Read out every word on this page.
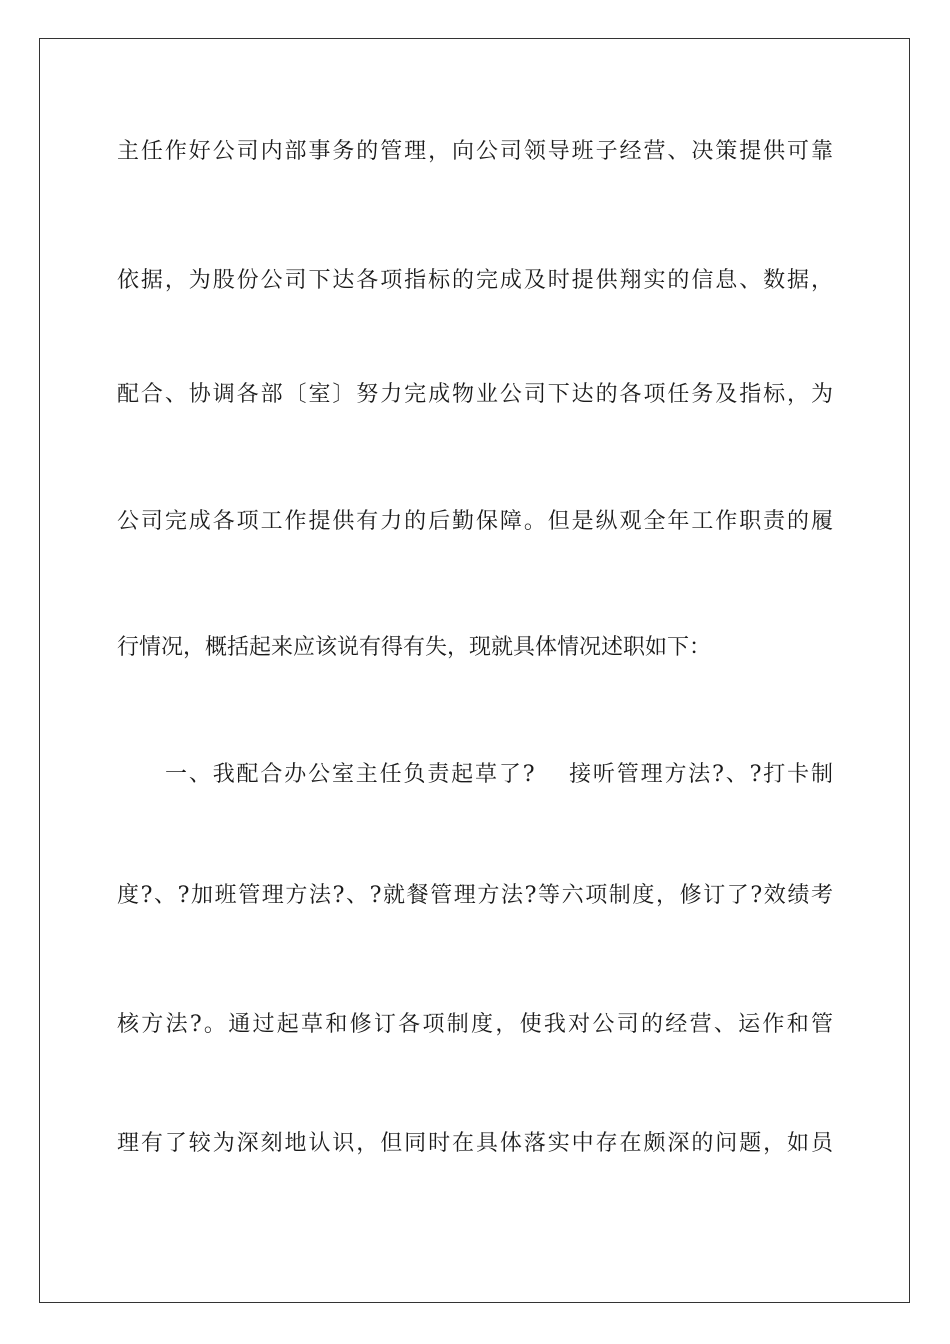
主任作好公司内部事务的管理，向公司领导班子经营、决策提供可靠
依据，为股份公司下达各项指标的完成及时提供翔实的信息、数据，
配合、协调各部〔室〕努力完成物业公司下达的各项任务及指标，为
公司完成各项工作提供有力的后勤保障。但是纵观全年工作职责的履
行情况，概括起来应该说有得有失，现就具体情况述职如下：
一、我配合办公室主任负责起草了?　 接听管理方法?、?打卡制
度?、?加班管理方法?、?就餐管理方法?等六项制度，修订了?效绩考
核方法?。通过起草和修订各项制度，使我对公司的经营、运作和管
理有了较为深刻地认识，但同时在具体落实中存在颇深的问题，如员
